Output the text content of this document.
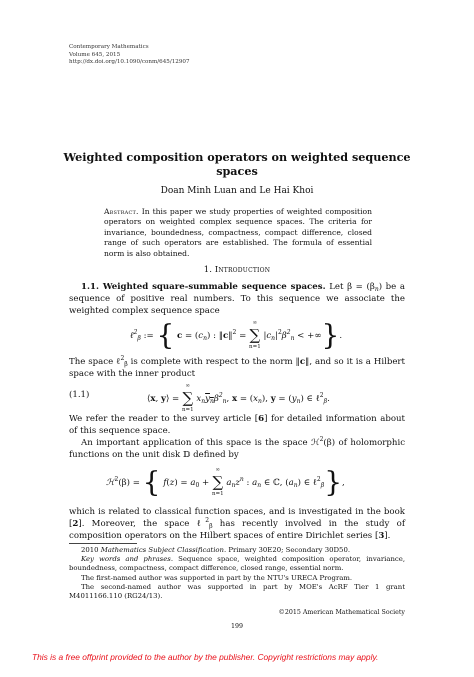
Contemporary Mathematics
Volume 645, 2015
http://dx.doi.org/10.1090/conm/645/12907
Weighted composition operators on weighted sequence
spaces
Doan Minh Luan and Le Hai Khoi
Abstract. In this paper we study properties of weighted composition operators on weighted complex sequence spaces. The criteria for invariance, boundedness, compactness, compact difference, closed range of such operators are established. The formula of essential norm is also obtained.
1. Introduction
1.1. Weighted square-summable sequence spaces. Let $\beta = (\beta_n)$ be a sequence of positive real numbers. To this sequence we associate the weighted complex sequence space
ℓ$^2_\beta$ := { $c = (c_n)$ : ‖c‖$^2$ =
∞
∑
n=1
$|c_n|^2\beta^2_n$ < +∞}.
The space ℓ$^2_\beta$ is complete with respect to the norm ‖c‖, and so it is a Hilbert space with the inner product
(1.1)	⟨x, y⟩ =
∞
∑
n=1
$x_ny_n\beta^2_n$, $x = (x_n)$, $y = (y_n)$ ∈ ℓ$^2_\beta$.
We refer the reader to the survey article [6] for detailed information about of this sequence space.
An important application of this space is the space ℋ$^2$(β) of holomorphic functions on the unit disk 𝔻 defined by
ℋ$^2$(β) = { $f(z) = a_0$ +
∞
∑
n=1
$a_nz^n$ : $a_n$ ∈ ℂ, $(a_n)$ ∈ ℓ$^2_\beta$},
which is related to classical function spaces, and is investigated in the book [2]. Moreover, the space ℓ$^2_\beta$ has recently involved in the study of composition operators on the Hilbert spaces of entire Dirichlet series [3].
2010 Mathematics Subject Classification. Primary 30E20; Secondary 30D50.
Key words and phrases. Sequence space, weighted composition operator, invariance, boundedness, compactness, compact difference, closed range, essential norm.
The first-named author was supported in part by the NTU's URECA Program.
The second-named author was supported in part by MOE's AcRF Tier 1 grant M4011166.110 (RG24/13).
©2015 American Mathematical Society
199
This is a free offprint provided to the author by the publisher. Copyright restrictions may apply.
